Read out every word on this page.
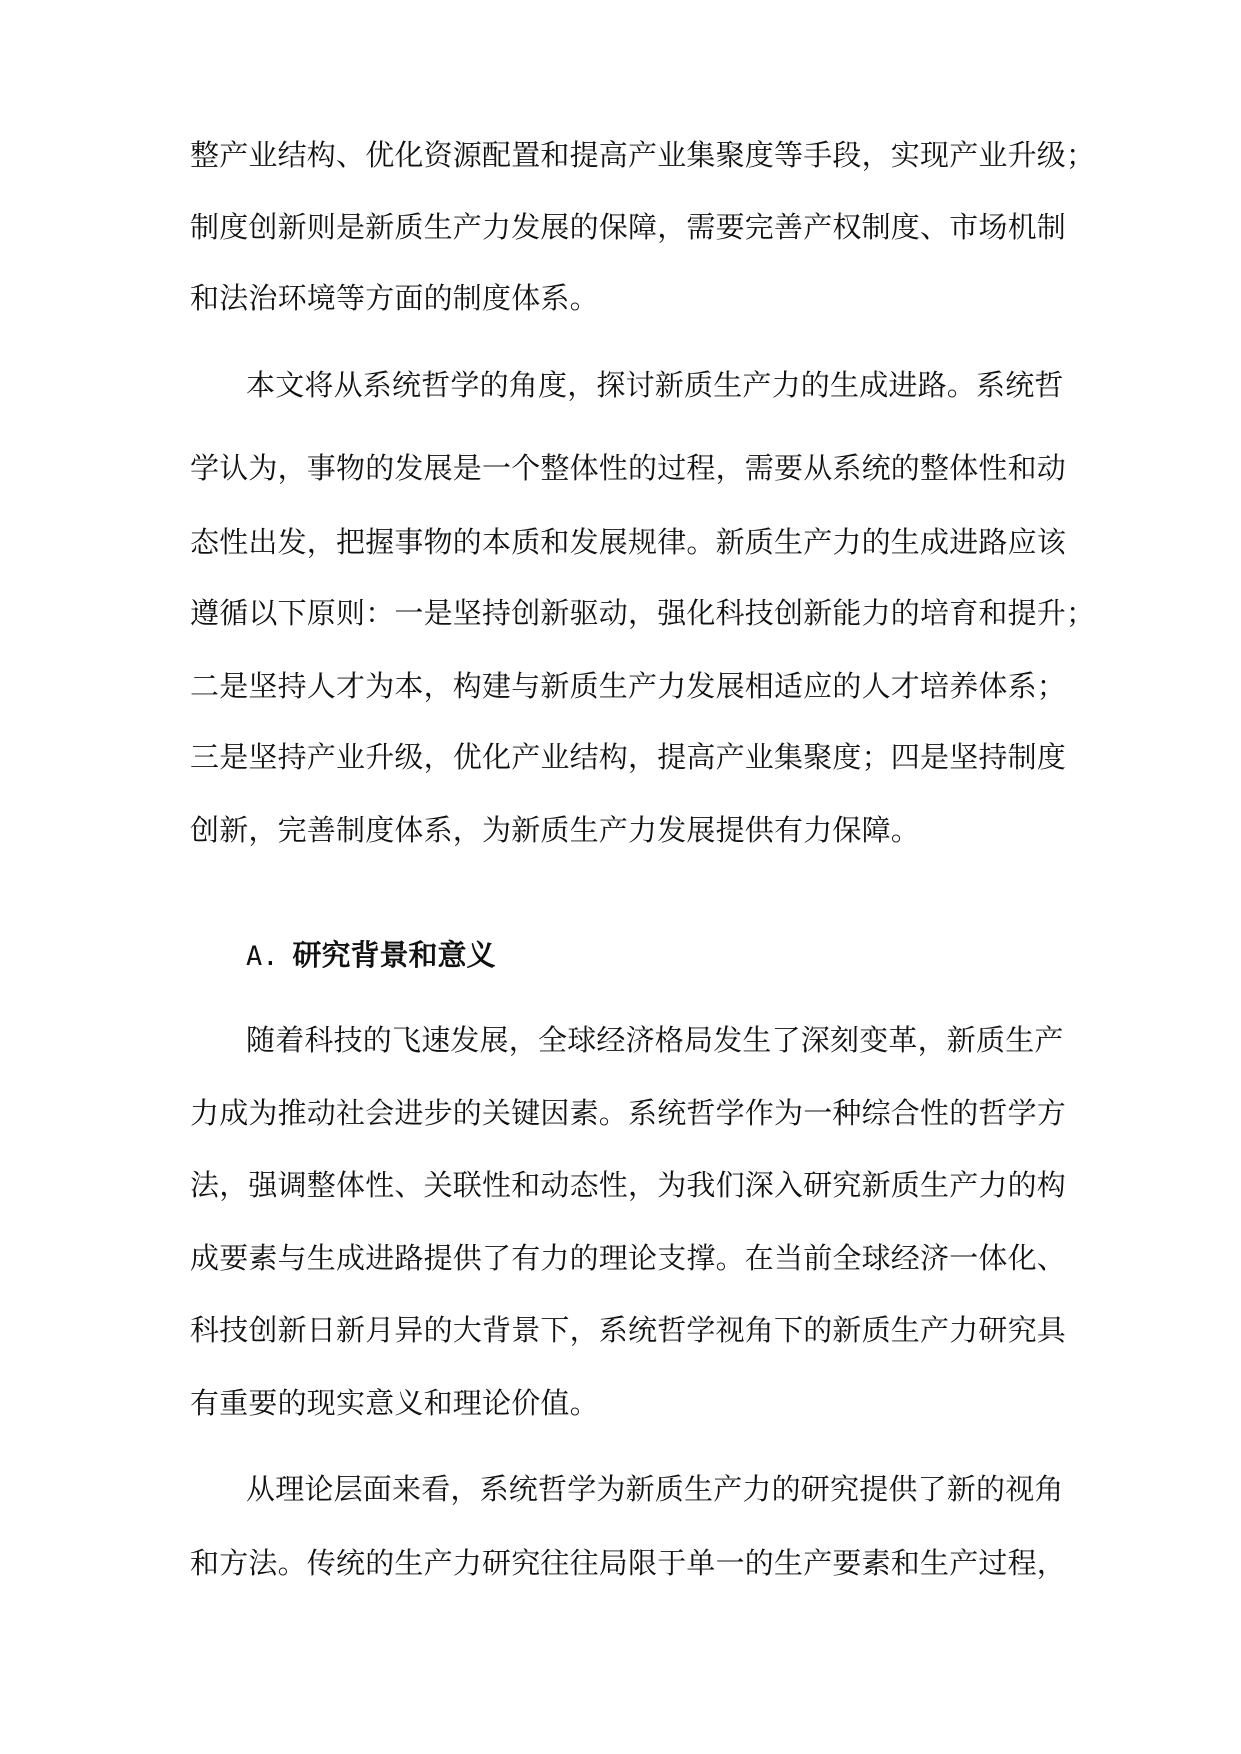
整产业结构、优化资源配置和提高产业集聚度等手段，实现产业升级；
制度创新则是新质生产力发展的保障，需要完善产权制度、市场机制
和法治环境等方面的制度体系。
本文将从系统哲学的角度，探讨新质生产力的生成进路。系统哲
学认为，事物的发展是一个整体性的过程，需要从系统的整体性和动
态性出发，把握事物的本质和发展规律。新质生产力的生成进路应该
遵循以下原则：一是坚持创新驱动，强化科技创新能力的培育和提升；
二是坚持人才为本，构建与新质生产力发展相适应的人才培养体系；
三是坚持产业升级，优化产业结构，提高产业集聚度；四是坚持制度
创新，完善制度体系，为新质生产力发展提供有力保障。
A. 研究背景和意义
随着科技的飞速发展，全球经济格局发生了深刻变革，新质生产
力成为推动社会进步的关键因素。系统哲学作为一种综合性的哲学方
法，强调整体性、关联性和动态性，为我们深入研究新质生产力的构
成要素与生成进路提供了有力的理论支撑。在当前全球经济一体化、
科技创新日新月异的大背景下，系统哲学视角下的新质生产力研究具
有重要的现实意义和理论价值。
从理论层面来看，系统哲学为新质生产力的研究提供了新的视角
和方法。传统的生产力研究往往局限于单一的生产要素和生产过程，
